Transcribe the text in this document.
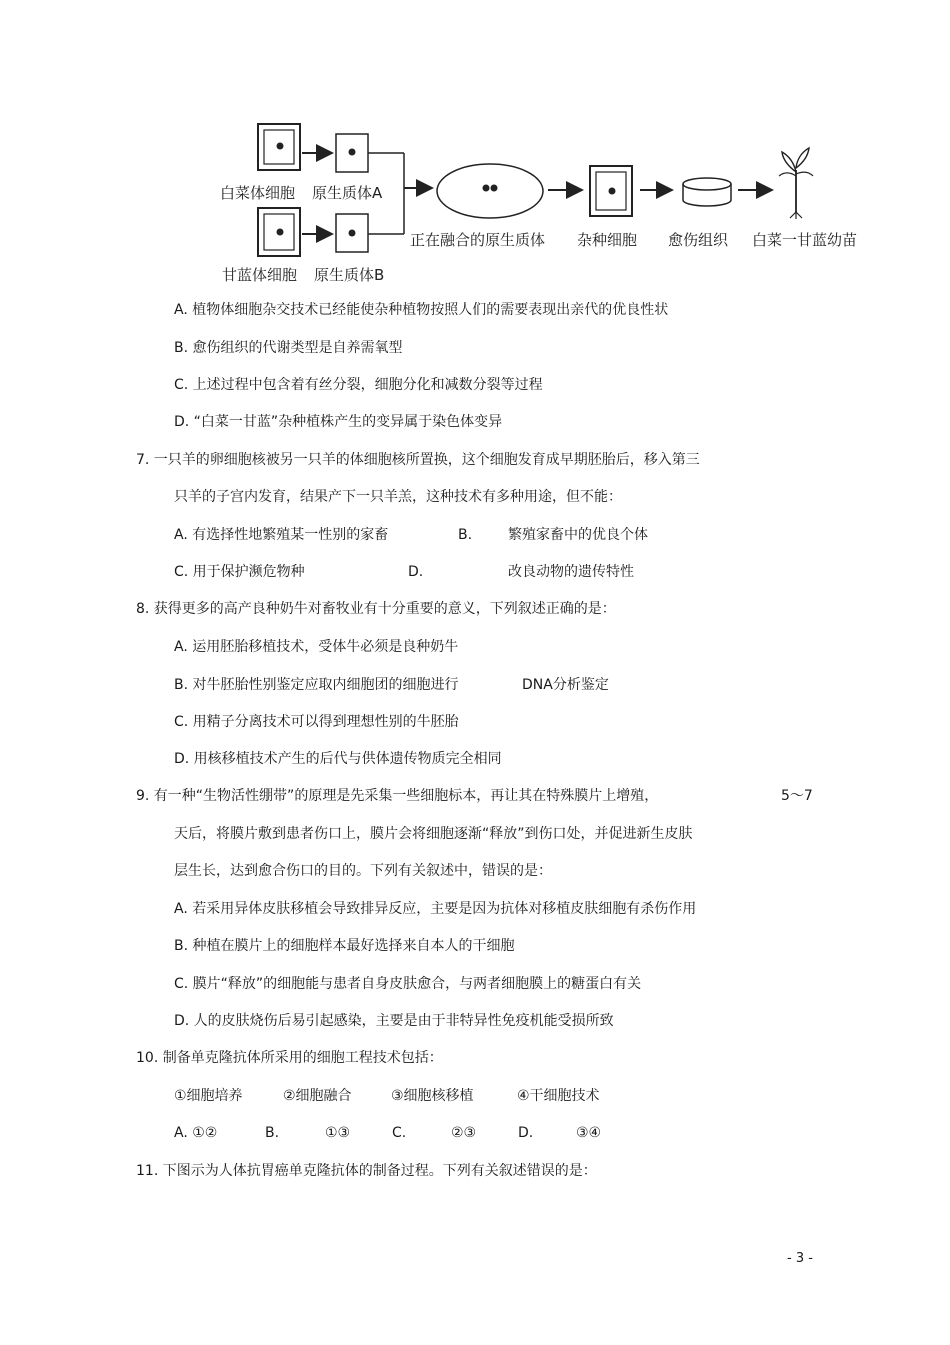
白菜体细胞 原生质体A
甘蓝体细胞 原生质体B
正在融合的原生质体 杂种细胞 愈伤组织 白菜一甘蓝幼苗
A. 植物体细胞杂交技术已经能使杂种植物按照人们的需要表现出亲代的优良性状
B. 愈伤组织的代谢类型是自养需氧型
C. 上述过程中包含着有丝分裂，细胞分化和减数分裂等过程
D. “白菜一甘蓝”杂种植株产生的变异属于染色体变异
7. 一只羊的卵细胞核被另一只羊的体细胞核所置换，这个细胞发育成早期胚胎后，移入第三
只羊的子宫内发育，结果产下一只羊羔，这种技术有多种用途，但不能：
A. 有选择性地繁殖某一性别的家畜	B.	繁殖家畜中的优良个体
C. 用于保护濒危物种	D.	改良动物的遗传特性
8. 获得更多的高产良种奶牛对畜牧业有十分重要的意义，下列叙述正确的是：
A. 运用胚胎移植技术，受体牛必须是良种奶牛
B. 对牛胚胎性别鉴定应取内细胞团的细胞进行	DNA分析鉴定
C. 用精子分离技术可以得到理想性别的牛胚胎
D. 用核移植技术产生的后代与供体遗传物质完全相同
9. 有一种“生物活性绷带”的原理是先采集一些细胞标本，再让其在特殊膜片上增殖，	5～7
天后，将膜片敷到患者伤口上，膜片会将细胞逐渐“释放”到伤口处，并促进新生皮肤
层生长，达到愈合伤口的目的。下列有关叙述中，错误的是：
A. 若采用异体皮肤移植会导致排异反应，主要是因为抗体对移植皮肤细胞有杀伤作用
B. 种植在膜片上的细胞样本最好选择来自本人的干细胞
C. 膜片“释放”的细胞能与患者自身皮肤愈合，与两者细胞膜上的糖蛋白有关
D. 人的皮肤烧伤后易引起感染，主要是由于非特异性免疫机能受损所致
10. 制备单克隆抗体所采用的细胞工程技术包括：
①细胞培养	②细胞融合	③细胞核移植	④干细胞技术
A. ①②	B.	①③	C.	②③	D.	③④
11. 下图示为人体抗胃癌单克隆抗体的制备过程。下列有关叙述错误的是：
- 3 -
